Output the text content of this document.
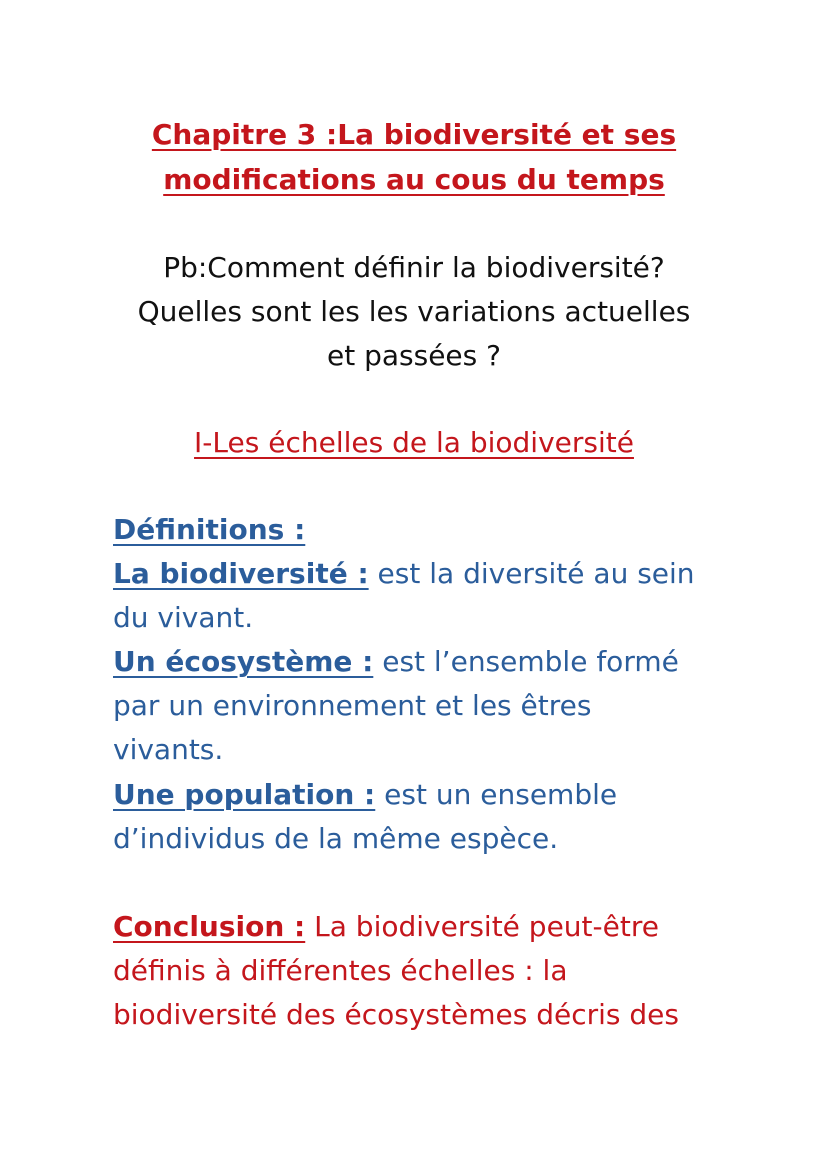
Chapitre 3 :La biodiversité et ses
modifications au cous du temps
Pb:Comment définir la biodiversité?
Quelles sont les les variations actuelles
et passées ?
I-Les échelles de la biodiversité
Définitions :
La biodiversité : est la diversité au sein
du vivant.
Un écosystème : est l’ensemble formé
par un environnement et les êtres
vivants.
Une population : est un ensemble
d’individus de la même espèce.
Conclusion : La biodiversité peut-être
définis à différentes échelles : la
biodiversité des écosystèmes décris des
